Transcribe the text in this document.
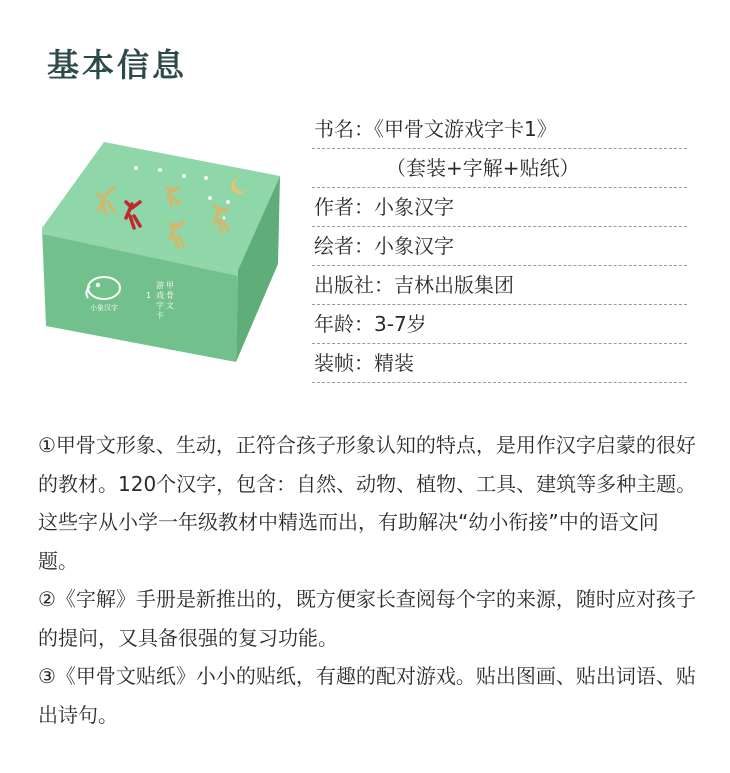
基本信息
小象汉字
甲
骨
文
游
戏
字
卡
1
书名：《甲骨文游戏字卡1》
（套装+字解+贴纸）
作者：小象汉字
绘者：小象汉字
出版社：吉林出版集团
年龄：3-7岁
装帧：精装

①甲骨文形象、生动，正符合孩子形象认知的特点，是用作汉字启蒙的很好的教材。120个汉字，包含：自然、动物、植物、工具、建筑等多种主题。这些字从小学一年级教材中精选而出，有助解决“幼小衔接”中的语文问题。

②《字解》手册是新推出的，既方便家长查阅每个字的来源，随时应对孩子的提问，又具备很强的复习功能。

③《甲骨文贴纸》小小的贴纸，有趣的配对游戏。贴出图画、贴出词语、贴出诗句。
